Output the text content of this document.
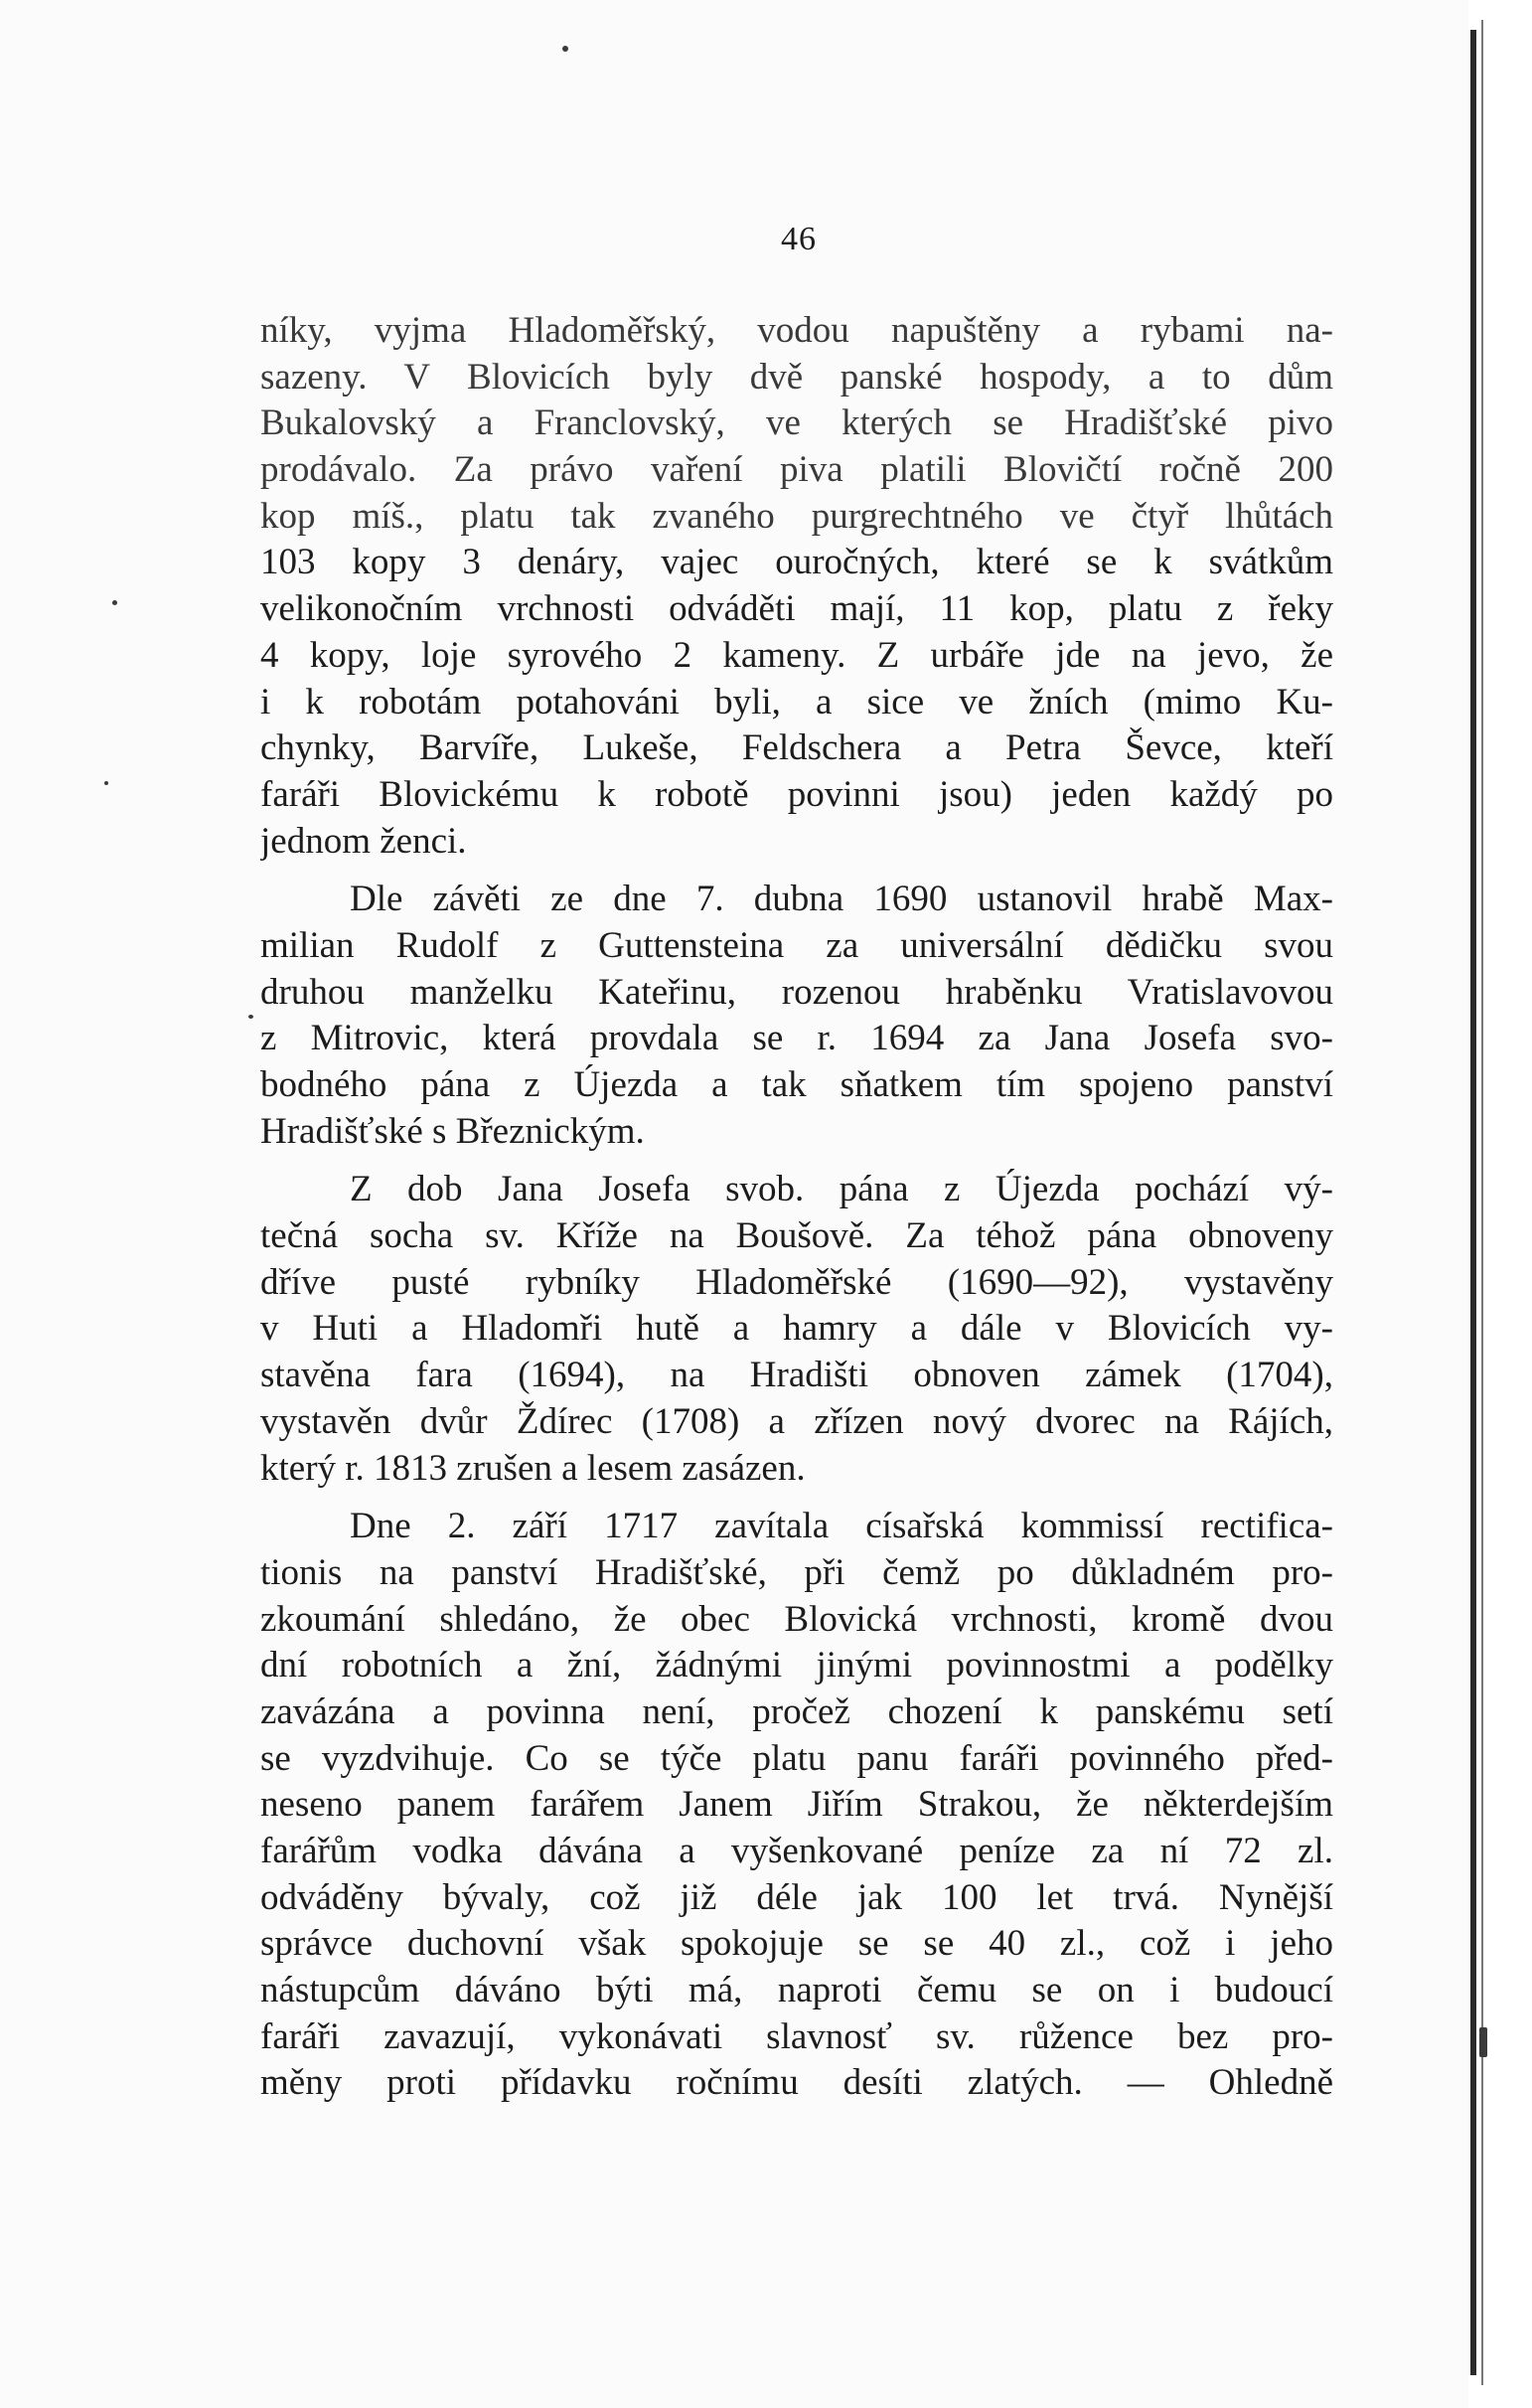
46
níky, vyjma Hladoměřský, vodou napuštěny a rybami na-
sazeny. V Blovicích byly dvě panské hospody, a to dům
Bukalovský a Franclovský, ve kterých se Hradišťské pivo
prodávalo. Za právo vaření piva platili Blovičtí ročně 200
kop míš., platu tak zvaného purgrechtného ve čtyř lhůtách
103 kopy 3 denáry, vajec ouročných, které se k svátkům
velikonočním vrchnosti odváděti mají, 11 kop, platu z řeky
4 kopy, loje syrového 2 kameny. Z urbáře jde na jevo, že
i k robotám potahováni byli, a sice ve žních (mimo Ku-
chynky, Barvíře, Lukeše, Feldschera a Petra Ševce, kteří
faráři Blovickému k robotě povinni jsou) jeden každý po
jednom ženci.
Dle závěti ze dne 7. dubna 1690 ustanovil hrabě Max-
milian Rudolf z Guttensteina za universální dědičku svou
druhou manželku Kateřinu, rozenou hraběnku Vratislavovou
z Mitrovic, která provdala se r. 1694 za Jana Josefa svo-
bodného pána z Újezda a tak sňatkem tím spojeno panství
Hradišťské s Březnickým.
Z dob Jana Josefa svob. pána z Újezda pochází vý-
tečná socha sv. Kříže na Boušově. Za téhož pána obnoveny
dříve pusté rybníky Hladoměřské (1690—92), vystavěny
v Huti a Hladomři hutě a hamry a dále v Blovicích vy-
stavěna fara (1694), na Hradišti obnoven zámek (1704),
vystavěn dvůr Ždírec (1708) a zřízen nový dvorec na Rájích,
který r. 1813 zrušen a lesem zasázen.
Dne 2. září 1717 zavítala císařská kommissí rectifica-
tionis na panství Hradišťské, při čemž po důkladném pro-
zkoumání shledáno, že obec Blovická vrchnosti, kromě dvou
dní robotních a žní, žádnými jinými povinnostmi a podělky
zavázána a povinna není, pročež chození k panskému setí
se vyzdvihuje. Co se týče platu panu faráři povinného před-
neseno panem farářem Janem Jiřím Strakou, že některdejším
farářům vodka dávána a vyšenkované peníze za ní 72 zl.
odváděny bývaly, což již déle jak 100 let trvá. Nynější
správce duchovní však spokojuje se se 40 zl., což i jeho
nástupcům dáváno býti má, naproti čemu se on i budoucí
faráři zavazují, vykonávati slavnosť sv. růžence bez pro-
měny proti přídavku ročnímu desíti zlatých. — Ohledně
